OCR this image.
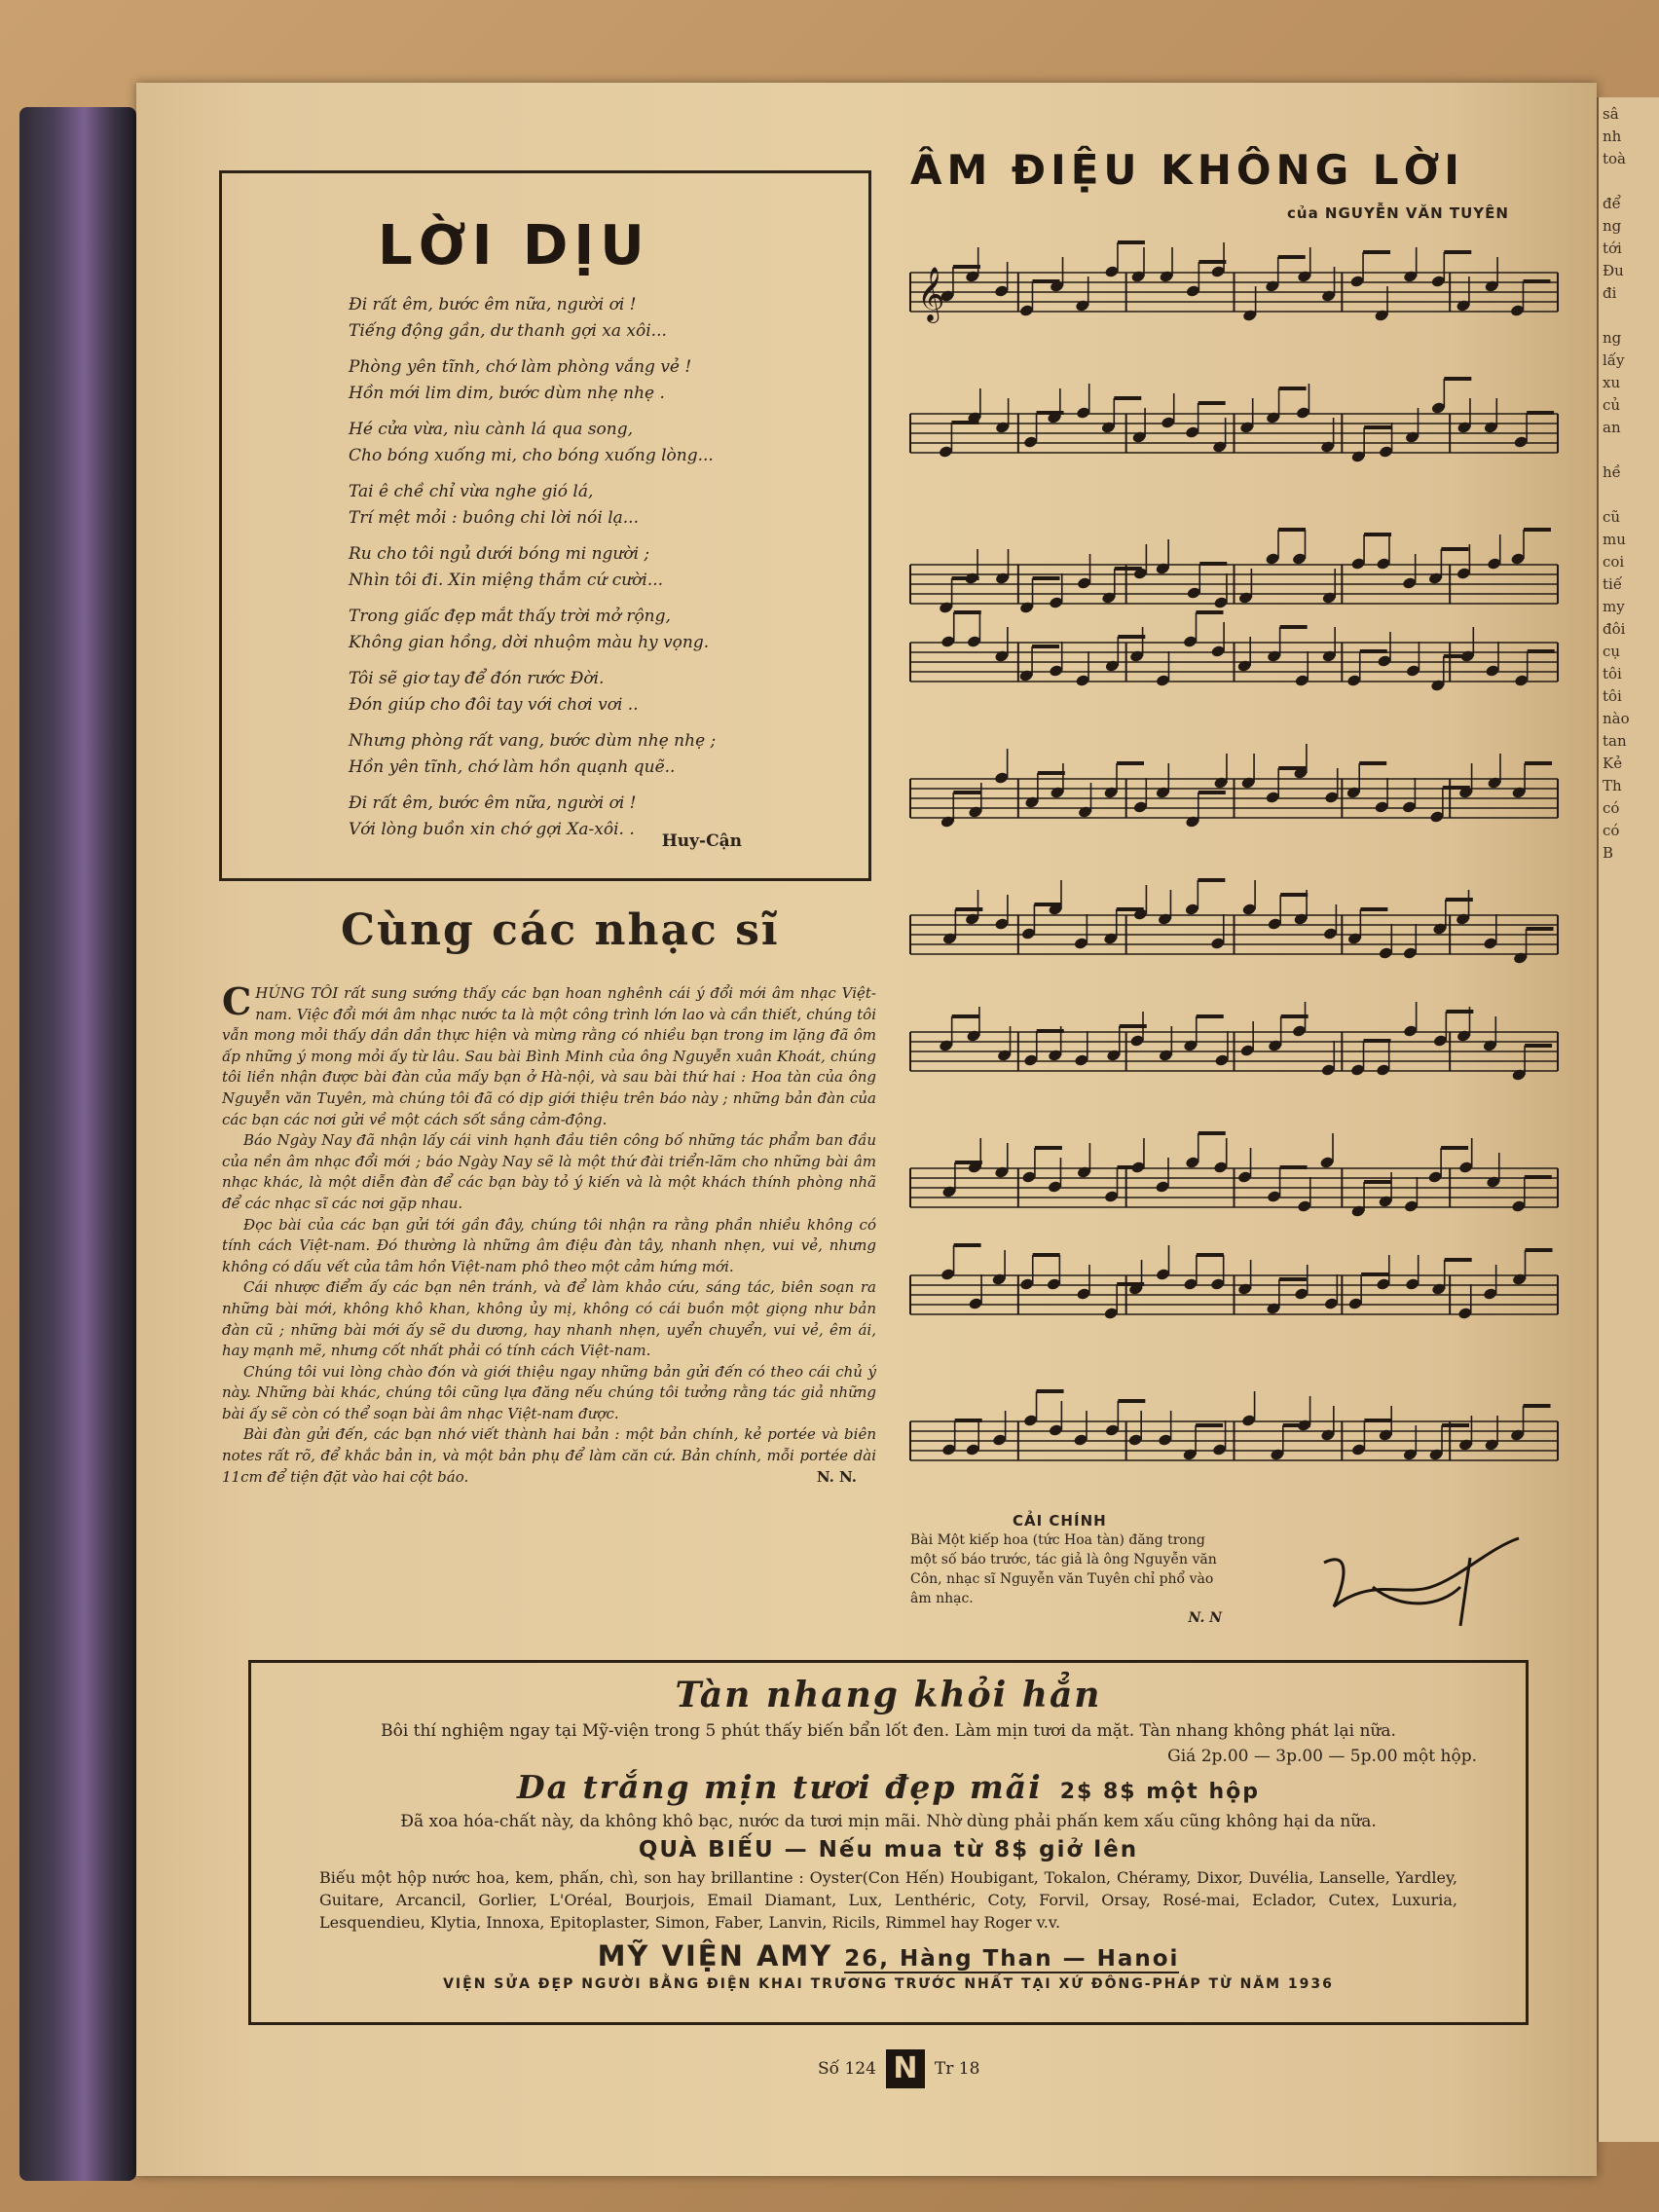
sâ
nh
toà

để
ng
tới
Đu
đi

ng
lấy
xu
củ
an

hề

cũ
mu
coi
tiế
my
đôi
cụ
tôi
tôi
nào
tan
Kẻ
Th
có
có
B
LỜI DỊU
Đi rất êm, bước êm nữa, người ơi !
Tiếng động gần, dư thanh gợi xa xôi...
Phòng yên tĩnh, chớ làm phòng vắng vẻ !
Hồn mới lim dim, bước dùm nhẹ nhẹ .
Hé cửa vừa, nìu cành lá qua song,
Cho bóng xuống mi, cho bóng xuống lòng...
Tai ê chề chỉ vừa nghe gió lá,
Trí mệt mỏi : buông chi lời nói lạ...
Ru cho tôi ngủ dưới bóng mi người ;
Nhìn tôi đi. Xin miệng thắm cứ cười...
Trong giấc đẹp mắt thấy trời mở rộng,
Không gian hồng, dời nhuộm màu hy vọng.
Tôi sẽ giơ tay để đón rước Đời.
Đón giúp cho đôi tay với chơi vơi ..
Nhưng phòng rất vang, bước dùm nhẹ nhẹ ;
Hồn yên tĩnh, chớ làm hồn quạnh quẽ..
Đi rất êm, bước êm nữa, người ơi !
Với lòng buồn xin chớ gợi Xa-xôi. .
Huy-Cận
Cùng các nhạc sĩ

CHÚNG TÔI rất sung sướng thấy các bạn hoan nghênh cái ý đổi mới âm nhạc Việt-nam. Việc đổi mới âm nhạc nước ta là một công trình lớn lao và cần thiết, chúng tôi vẫn mong mỏi thấy dần dần thực hiện và mừng rằng có nhiều bạn trong im lặng đã ôm ấp những ý mong mỏi ấy từ lâu. Sau bài Bình Minh của ông Nguyễn xuân Khoát, chúng tôi liền nhận được bài đàn của mấy bạn ở Hà-nội, và sau bài thứ hai : Hoa tàn của ông Nguyễn văn Tuyên, mà chúng tôi đã có dịp giới thiệu trên báo này ; những bản đàn của các bạn các nơi gửi về một cách sốt sắng cảm-động.

Báo Ngày Nay đã nhận lấy cái vinh hạnh đầu tiên công bố những tác phẩm ban đầu của nền âm nhạc đổi mới ; báo Ngày Nay sẽ là một thứ đài triển-lãm cho những bài âm nhạc khác, là một diễn đàn để các bạn bày tỏ ý kiến và là một khách thính phòng nhã để các nhạc sĩ các nơi gặp nhau.

Đọc bài của các bạn gửi tới gần đây, chúng tôi nhận ra rằng phần nhiều không có tính cách Việt-nam. Đó thường là những âm điệu đàn tây, nhanh nhẹn, vui vẻ, nhưng không có dấu vết của tâm hồn Việt-nam phô theo một cảm hứng mới.

Cái nhược điểm ấy các bạn nên tránh, và để làm khảo cứu, sáng tác, biên soạn ra những bài mới, không khô khan, không ủy mị, không có cái buồn một giọng như bản đàn cũ ; những bài mới ấy sẽ du dương, hay nhanh nhẹn, uyển chuyển, vui vẻ, êm ái, hay mạnh mẽ, nhưng cốt nhất phải có tính cách Việt-nam.

Chúng tôi vui lòng chào đón và giới thiệu ngay những bản gửi đến có theo cái chủ ý này. Những bài khác, chúng tôi cũng lựa đăng nếu chúng tôi tưởng rằng tác giả những bài ấy sẽ còn có thể soạn bài âm nhạc Việt-nam được.

Bài đàn gửi đến, các bạn nhớ viết thành hai bản : một bản chính, kẻ portée và biên notes rất rõ, để khắc bản in, và một bản phụ để làm căn cứ. Bản chính, mỗi portée dài 11cm để tiện đặt vào hai cột báo.	N. N.

ÂM ĐIỆU KHÔNG LỜI
của NGUYỄN VĂN TUYÊN
𝄞
CẢI CHÍNH
Bài Một kiếp hoa (tức Hoa tàn) đăng trong một số báo trước, tác giả là ông Nguyễn văn Côn, nhạc sĩ Nguyễn văn Tuyên chỉ phổ vào âm nhạc.
N. N
Tàn nhang khỏi hẳn
Bôi thí nghiệm ngay tại Mỹ-viện trong 5 phút thấy biến bẩn lốt đen. Làm mịn tươi da mặt. Tàn nhang không phát lại nữa.
Giá 2p.00 — 3p.00 — 5p.00 một hộp.
Da trắng mịn tươi đẹp mãi 2$ 8$ một hộp
Đã xoa hóa-chất này, da không khô bạc, nước da tươi mịn mãi. Nhờ dùng phải phấn kem xấu cũng không hại da nữa.
QUÀ BIẾU — Nếu mua từ 8$ giở lên
Biếu một hộp nước hoa, kem, phấn, chì, son hay brillantine : Oyster(Con Hến) Houbigant, Tokalon, Chéramy, Dixor, Duvélia, Lanselle, Yardley, Guitare, Arcancil, Gorlier, L'Oréal, Bourjois, Email Diamant, Lux, Lenthéric, Coty, Forvil, Orsay, Rosé-mai, Eclador, Cutex, Luxuria, Lesquendieu, Klytia, Innoxa, Epitoplaster, Simon, Faber, Lanvin, Ricils, Rimmel hay Roger v.v.
MỸ VIỆN AMY 26, Hàng Than — Hanoi
VIỆN SỬA ĐẸP NGƯỜI BẰNG ĐIỆN KHAI TRƯƠNG TRƯỚC NHẤT TẠI XỨ ĐÔNG-PHÁP TỪ NĂM 1936
Số 124 N	Tr 18
